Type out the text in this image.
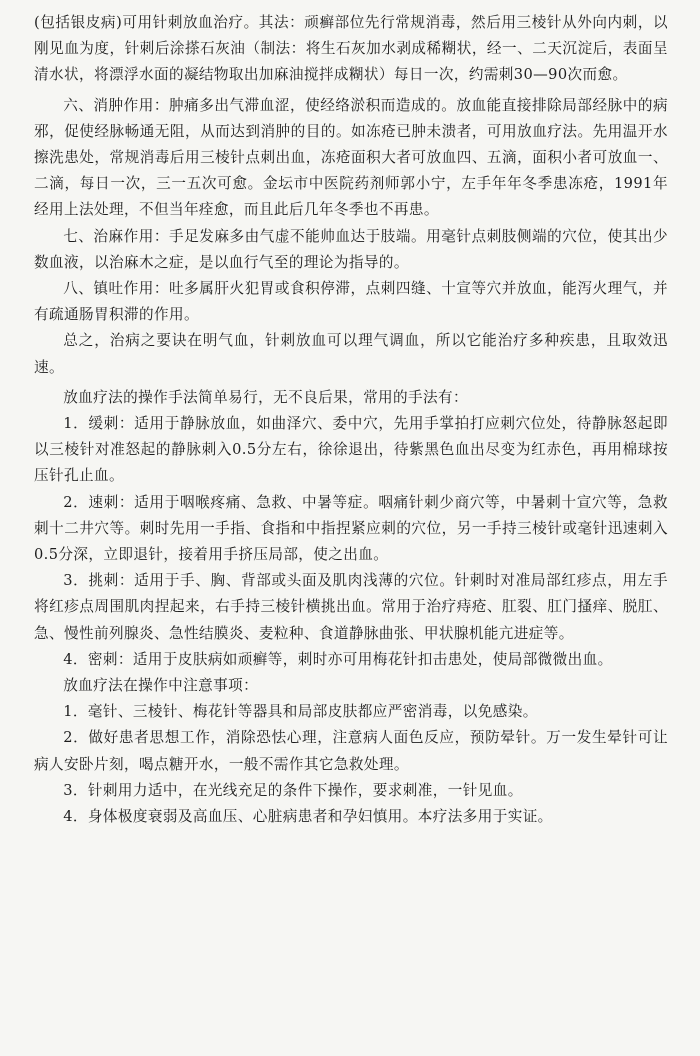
(包括银皮病)可用针刺放血治疗。其法：顽癣部位先行常规消毒，然后用三棱针从外向内刺，以刚见血为度，针刺后涂搽石灰油（制法：将生石灰加水剥成稀糊状，经一、二天沉淀后，表面呈清水状，将漂浮水面的凝结物取出加麻油搅拌成糊状）每日一次，约需刺30—90次而愈。

六、消肿作用：肿痛多出气滞血涩，使经络淤积而造成的。放血能直接排除局部经脉中的病邪，促使经脉畅通无阻，从而达到消肿的目的。如冻疮已肿未溃者，可用放血疗法。先用温开水擦洗患处，常规消毒后用三棱针点刺出血，冻疮面积大者可放血四、五滴，面积小者可放血一、二滴，每日一次，三一五次可愈。金坛市中医院药剂师郭小宁，左手年年冬季患冻疮，1991年经用上法处理，不但当年痊愈，而且此后几年冬季也不再患。

七、治麻作用：手足发麻多由气虚不能帅血达于肢端。用毫针点刺肢侧端的穴位，使其出少数血液，以治麻木之症，是以血行气至的理论为指导的。

八、镇吐作用：吐多属肝火犯胃或食积停滞，点刺四缝、十宣等穴并放血，能泻火理气，并有疏通肠胃积滞的作用。

总之，治病之要诀在明气血，针刺放血可以理气调血，所以它能治疗多种疾患，且取效迅速。

放血疗法的操作手法简单易行，无不良后果，常用的手法有：

1．缓刺：适用于静脉放血，如曲泽穴、委中穴，先用手掌拍打应刺穴位处，待静脉怒起即以三棱针对准怒起的静脉刺入0.5分左右，徐徐退出，待紫黑色血出尽变为红赤色，再用棉球按压针孔止血。

2．速刺：适用于咽喉疼痛、急救、中暑等症。咽痛针刺少商穴等，中暑刺十宣穴等，急救刺十二井穴等。刺时先用一手指、食指和中指捏紧应刺的穴位，另一手持三棱针或毫针迅速刺入0.5分深，立即退针，接着用手挤压局部，使之出血。

3．挑刺：适用于手、胸、背部或头面及肌肉浅薄的穴位。针刺时对准局部红疹点，用左手将红疹点周围肌肉捏起来，右手持三棱针横挑出血。常用于治疗痔疮、肛裂、肛门搔痒、脱肛、急、慢性前列腺炎、急性结膜炎、麦粒种、食道静脉曲张、甲状腺机能亢进症等。

4．密刺：适用于皮肤病如顽癣等，刺时亦可用梅花针扣击患处，使局部微微出血。

放血疗法在操作中注意事项：

1．毫针、三棱针、梅花针等器具和局部皮肤都应严密消毒，以免感染。

2．做好患者思想工作，消除恐怯心理，注意病人面色反应，预防晕针。万一发生晕针可让病人安卧片刻，喝点糖开水，一般不需作其它急救处理。

3．针刺用力适中，在光线充足的条件下操作，要求刺准，一针见血。

4．身体极度衰弱及高血压、心脏病患者和孕妇慎用。本疗法多用于实证。
